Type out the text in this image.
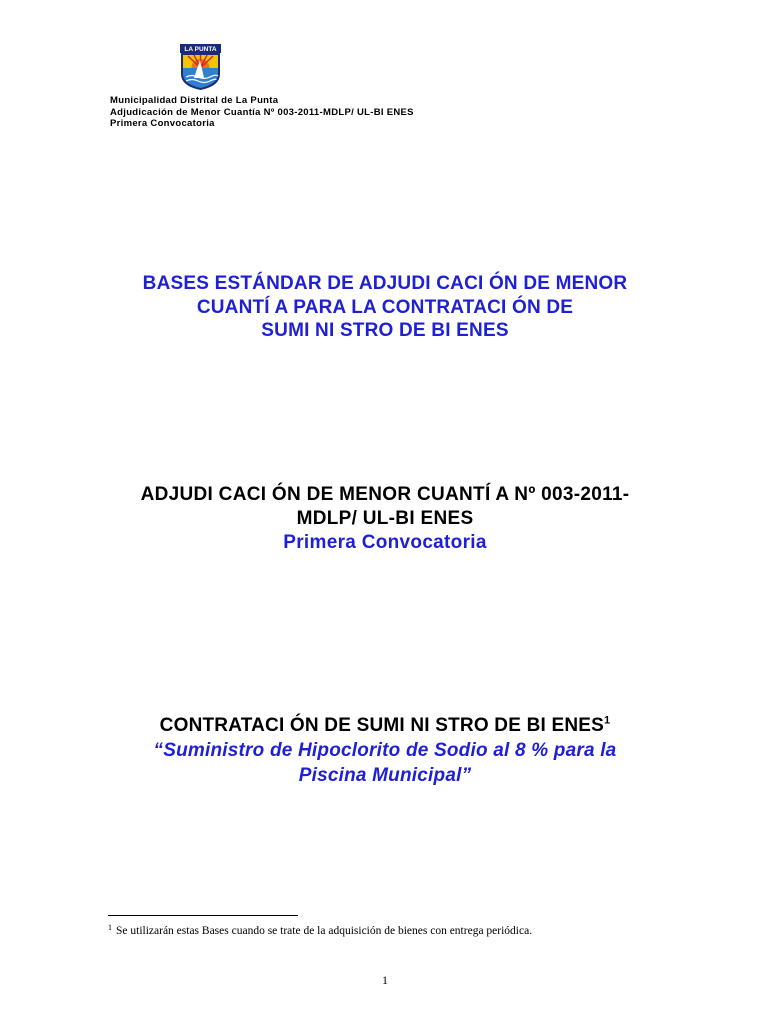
LA PUNTA
Municipalidad Distrital de La Punta
Adjudicación de Menor Cuantía Nº 003-2011-MDLP/ UL-BI ENES
Primera Convocatoria
BASES ESTÁNDAR DE ADJUDI CACI ÓN DE MENOR
CUANTÍ A PARA LA CONTRATACI ÓN DE
SUMI NI STRO DE BI ENES
ADJUDI CACI ÓN DE MENOR CUANTÍ A Nº 003-2011-
MDLP/ UL-BI ENES
Primera Convocatoria
CONTRATACI ÓN DE SUMI NI STRO DE BI ENES$^1$
“Suministro de Hipoclorito de Sodio al 8 % para la
Piscina Municipal”
$^1$ Se utilizarán estas Bases cuando se trate de la adquisición de bienes con entrega periódica.
1
